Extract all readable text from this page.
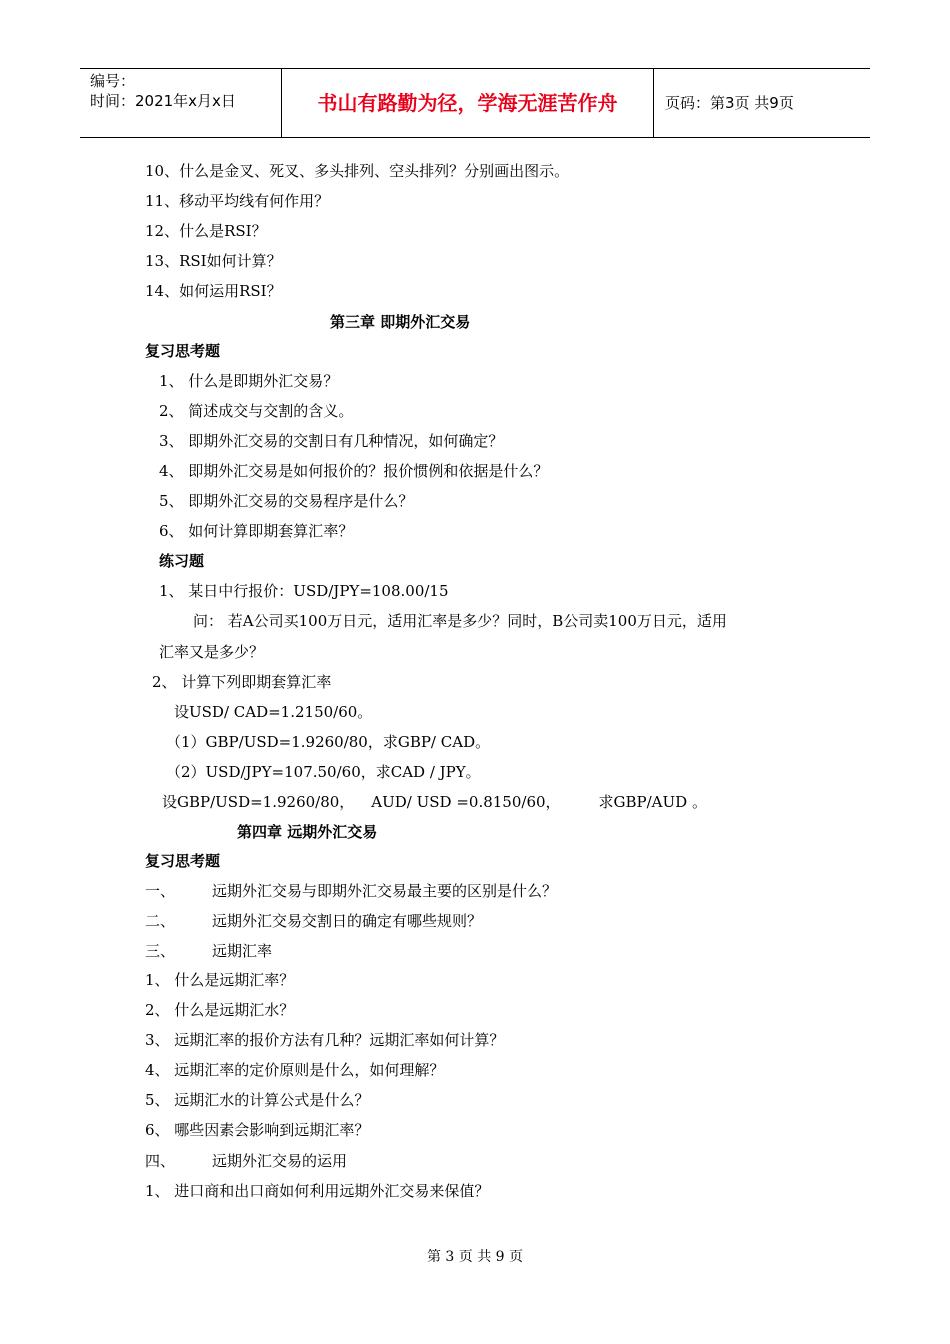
编号：
时间：2021年x月x日	书山有路勤为径，学海无涯苦作舟	页码：第3页 共9页
10、什么是金叉、死叉、多头排列、空头排列？分别画出图示。
11、移动平均线有何作用？
12、什么是RSI？
13、RSI如何计算？
14、如何运用RSI？
第三章 即期外汇交易
复习思考题
1、 什么是即期外汇交易？
2、 简述成交与交割的含义。
3、 即期外汇交易的交割日有几种情况，如何确定？
4、 即期外汇交易是如何报价的？报价惯例和依据是什么？
5、 即期外汇交易的交易程序是什么？
6、 如何计算即期套算汇率？
练习题
1、 某日中行报价：USD/JPY=108.00/15
问： 若A公司买100万日元，适用汇率是多少？同时，B公司卖100万日元，适用
汇率又是多少？
2、 计算下列即期套算汇率
设USD/ CAD=1.2150/60。
（1）GBP/USD=1.9260/80，求GBP/ CAD。
（2）USD/JPY=107.50/60，求CAD / JPY。
设GBP/USD=1.9260/80， AUD/ USD =0.8150/60，	求GBP/AUD 。
第四章 远期外汇交易
复习思考题
一、 远期外汇交易与即期外汇交易最主要的区别是什么？
二、 远期外汇交易交割日的确定有哪些规则？
三、 远期汇率
1、 什么是远期汇率？
2、 什么是远期汇水？
3、 远期汇率的报价方法有几种？远期汇率如何计算？
4、 远期汇率的定价原则是什么，如何理解？
5、 远期汇水的计算公式是什么？
6、 哪些因素会影响到远期汇率？
四、 远期外汇交易的运用
1、 进口商和出口商如何利用远期外汇交易来保值？
第 3 页 共 9 页
